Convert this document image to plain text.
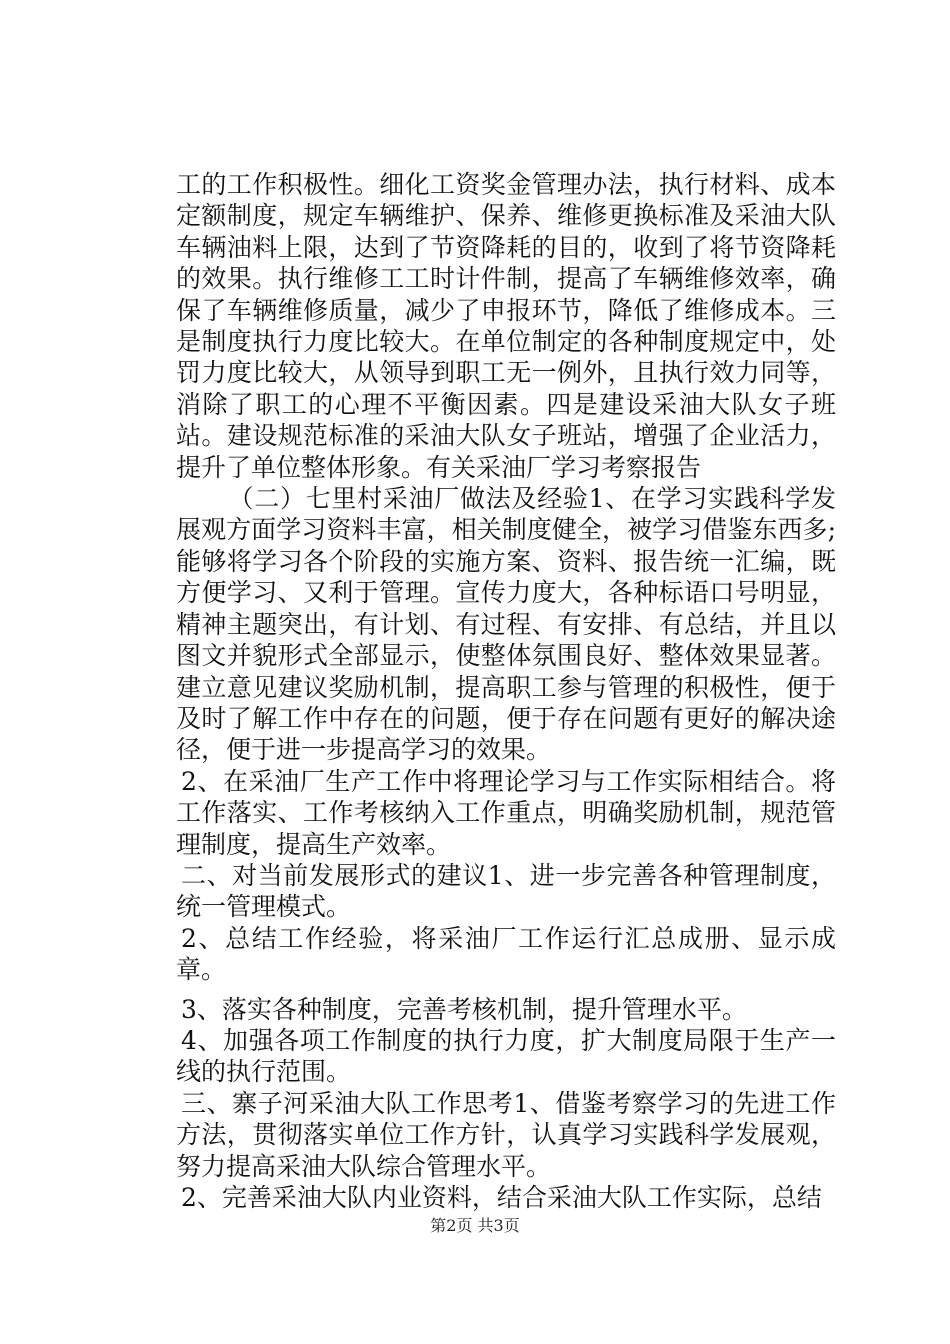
工的工作积极性。细化工资奖金管理办法，执行材料、成本定额制度，规定车辆维护、保养、维修更换标准及采油大队车辆油料上限，达到了节资降耗的目的，收到了将节资降耗的效果。执行维修工工时计件制，提高了车辆维修效率，确保了车辆维修质量，减少了申报环节，降低了维修成本。三是制度执行力度比较大。在单位制定的各种制度规定中，处罚力度比较大，从领导到职工无一例外，且执行效力同等，消除了职工的心理不平衡因素。四是建设采油大队女子班站。建设规范标准的采油大队女子班站，增强了企业活力，提升了单位整体形象。有关采油厂学习考察报告

（二）七里村采油厂做法及经验1、在学习实践科学发展观方面学习资料丰富，相关制度健全，被学习借鉴东西多;能够将学习各个阶段的实施方案、资料、报告统一汇编，既方便学习、又利于管理。宣传力度大，各种标语口号明显，精神主题突出，有计划、有过程、有安排、有总结，并且以图文并貌形式全部显示，使整体氛围良好、整体效果显著。建立意见建议奖励机制，提高职工参与管理的积极性，便于及时了解工作中存在的问题，便于存在问题有更好的解决途径，便于进一步提高学习的效果。

2、在采油厂生产工作中将理论学习与工作实际相结合。将工作落实、工作考核纳入工作重点，明确奖励机制，规范管理制度，提高生产效率。

二、对当前发展形式的建议1、进一步完善各种管理制度，统一管理模式。

2、总结工作经验，将采油厂工作运行汇总成册、显示成章。

3、落实各种制度，完善考核机制，提升管理水平。

4、加强各项工作制度的执行力度，扩大制度局限于生产一线的执行范围。

三、寨子河采油大队工作思考1、借鉴考察学习的先进工作方法，贯彻落实单位工作方针，认真学习实践科学发展观，努力提高采油大队综合管理水平。

2、完善采油大队内业资料，结合采油大队工作实际，总结

第2页 共3页
